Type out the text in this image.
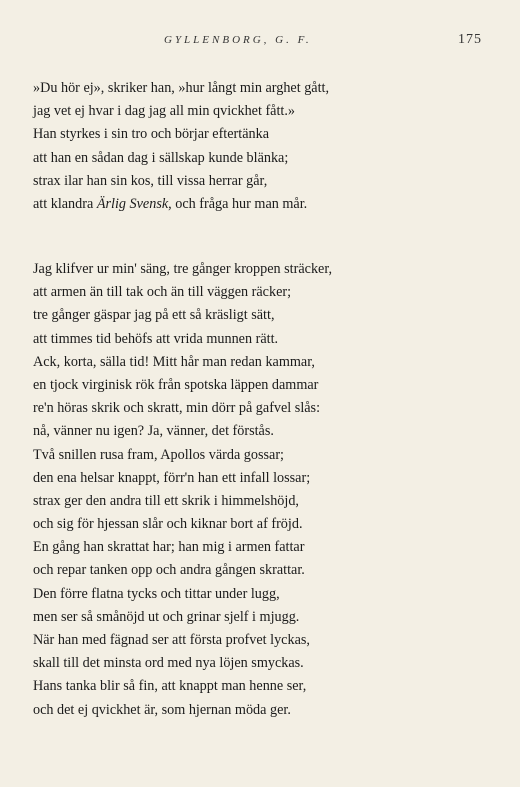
GYLLENBORG, G. F.	175
»Du hör ej», skriker han, »hur långt min arghet gått,
jag vet ej hvar i dag jag all min qvickhet fått.»
Han styrkes i sin tro och börjar eftertänka
att han en sådan dag i sällskap kunde blänka;
strax ilar han sin kos, till vissa herrar går,
att klandra Ärlig Svensk, och fråga hur man mår.
Jag klifver ur min' säng, tre gånger kroppen sträcker,
att armen än till tak och än till väggen räcker;
tre gånger gäspar jag på ett så kräsligt sätt,
att timmes tid behöfs att vrida munnen rätt.
Ack, korta, sälla tid! Mitt hår man redan kammar,
en tjock virginisk rök från spotska läppen dammar
re'n höras skrik och skratt, min dörr på gafvel slås:
nå, vänner nu igen? Ja, vänner, det förstås.
Två snillen rusa fram, Apollos värda gossar;
den ena helsar knappt, förr'n han ett infall lossar;
strax ger den andra till ett skrik i himmelshöjd,
och sig för hjessan slår och kiknar bort af fröjd.
En gång han skrattat har; han mig i armen fattar
och repar tanken opp och andra gången skrattar.
Den förre flatna tycks och tittar under lugg,
men ser så smånöjd ut och grinar sjelf i mjugg.
När han med fägnad ser att första profvet lyckas,
skall till det minsta ord med nya löjen smyckas.
Hans tanka blir så fin, att knappt man henne ser,
och det ej qvickhet är, som hjernan möda ger.
